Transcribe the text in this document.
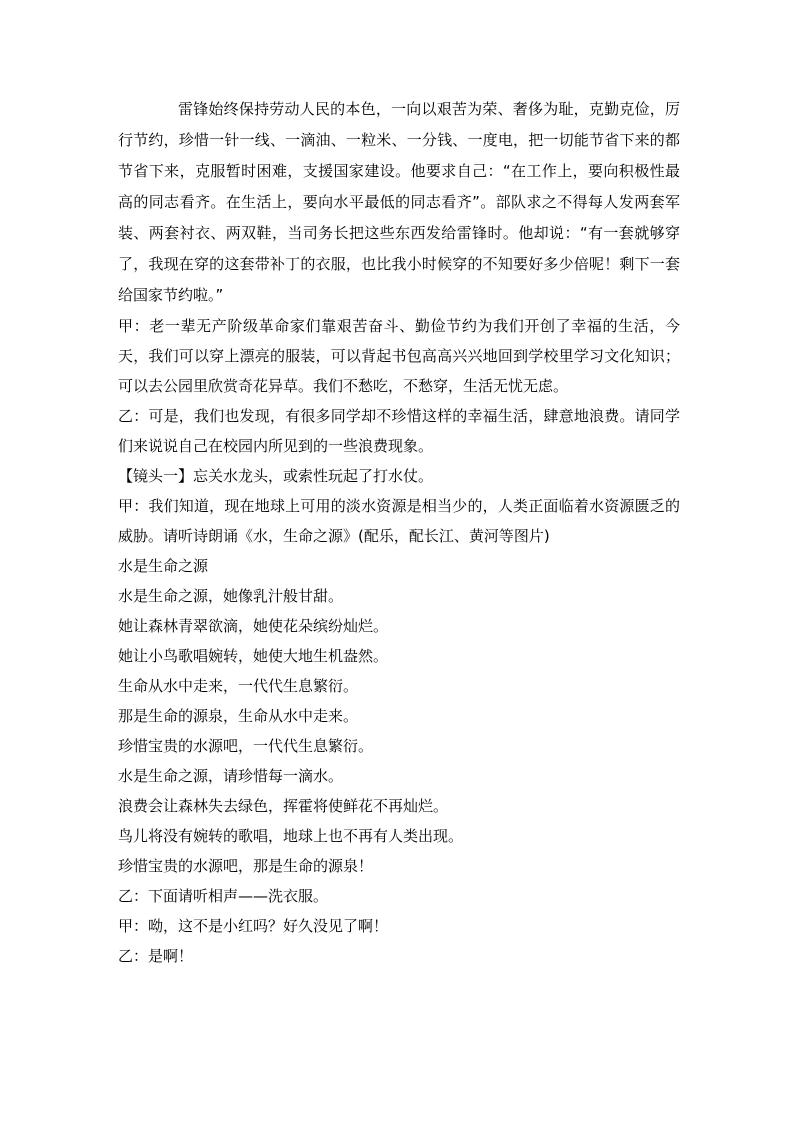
雷锋始终保持劳动人民的本色，一向以艰苦为荣、奢侈为耻，克勤克俭，厉行节约，珍惜一针一线、一滴油、一粒米、一分钱、一度电，把一切能节省下来的都节省下来，克服暂时困难，支援国家建设。他要求自己：“在工作上，要向积极性最高的同志看齐。在生活上，要向水平最低的同志看齐”。部队求之不得每人发两套军装、两套衬衣、两双鞋，当司务长把这些东西发给雷锋时。他却说：“有一套就够穿了，我现在穿的这套带补丁的衣服，也比我小时候穿的不知要好多少倍呢！剩下一套给国家节约啦。”

甲：老一辈无产阶级革命家们靠艰苦奋斗、勤俭节约为我们开创了幸福的生活，今天，我们可以穿上漂亮的服装，可以背起书包高高兴兴地回到学校里学习文化知识；可以去公园里欣赏奇花异草。我们不愁吃，不愁穿，生活无忧无虑。

乙：可是，我们也发现，有很多同学却不珍惜这样的幸福生活，肆意地浪费。请同学们来说说自己在校园内所见到的一些浪费现象。

【镜头一】忘关水龙头，或索性玩起了打水仗。

甲：我们知道，现在地球上可用的淡水资源是相当少的，人类正面临着水资源匮乏的威胁。请听诗朗诵《水，生命之源》(配乐，配长江、黄河等图片)

水是生命之源

水是生命之源，她像乳汁般甘甜。

她让森林青翠欲滴，她使花朵缤纷灿烂。

她让小鸟歌唱婉转，她使大地生机盎然。

生命从水中走来，一代代生息繁衍。

那是生命的源泉，生命从水中走来。

珍惜宝贵的水源吧，一代代生息繁衍。

水是生命之源，请珍惜每一滴水。

浪费会让森林失去绿色，挥霍将使鲜花不再灿烂。

鸟儿将没有婉转的歌唱，地球上也不再有人类出现。

珍惜宝贵的水源吧，那是生命的源泉！

乙：下面请听相声——洗衣服。

甲：呦，这不是小红吗？好久没见了啊！

乙：是啊！
